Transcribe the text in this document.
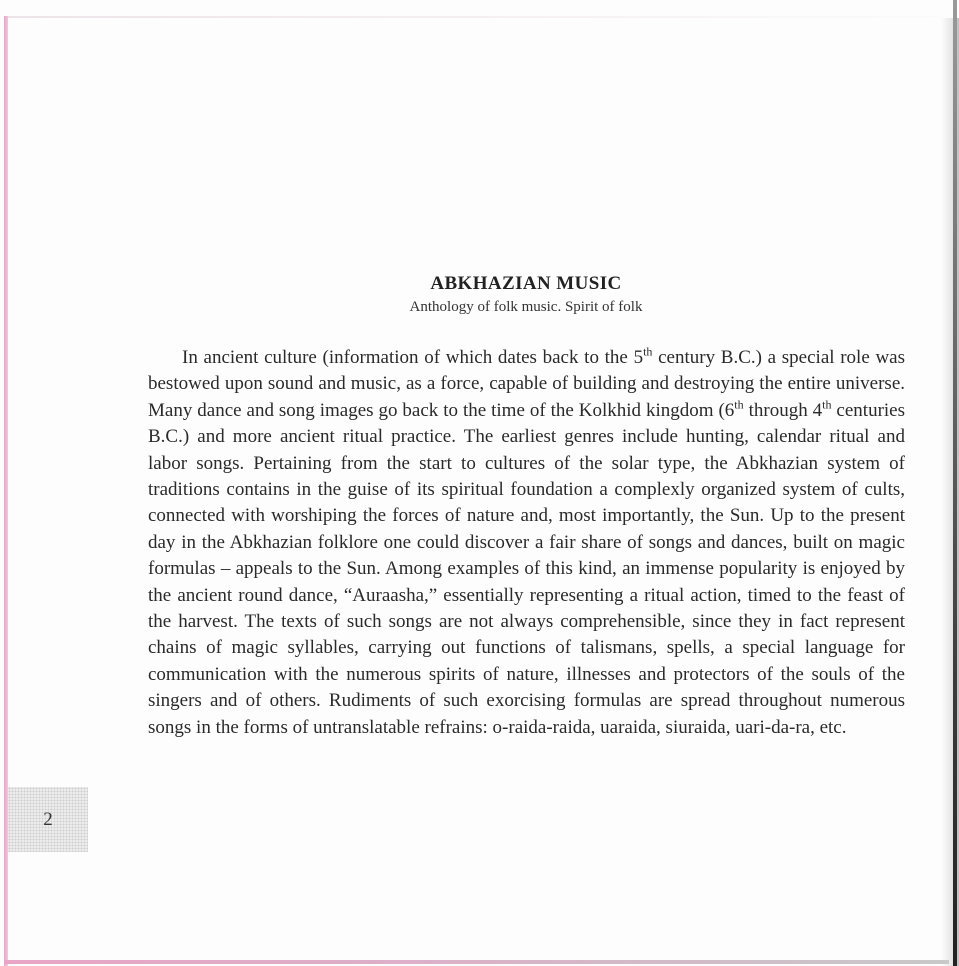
2
ABKHAZIAN MUSIC
Anthology of folk music. Spirit of folk

In ancient culture (information of which dates back to the 5th century B.C.) a special role was bestowed upon sound and music, as a force, capable of building and destroying the entire universe. Many dance and song images go back to the time of the Kolkhid kingdom (6th through 4th centuries B.C.) and more ancient ritual practice. The earliest genres include hunting, calendar ritual and labor songs. Pertaining from the start to cultures of the solar type, the Abkhazian system of traditions contains in the guise of its spiritual foundation a complexly organized system of cults, connected with worshiping the forces of nature and, most importantly, the Sun. Up to the present day in the Abkhazian folklore one could discover a fair share of songs and dances, built on magic formulas – appeals to the Sun. Among examples of this kind, an immense popularity is enjoyed by the ancient round dance, “Auraasha,” essentially representing a ritual action, timed to the feast of the harvest. The texts of such songs are not always comprehensible, since they in fact represent chains of magic syllables, carrying out functions of talismans, spells, a special language for communication with the numerous spirits of nature, illnesses and protectors of the souls of the singers and of others. Rudiments of such exorcising formulas are spread throughout numerous songs in the forms of untranslatable refrains: o-raida-raida, uaraida, siuraida, uari-da-ra, etc.
